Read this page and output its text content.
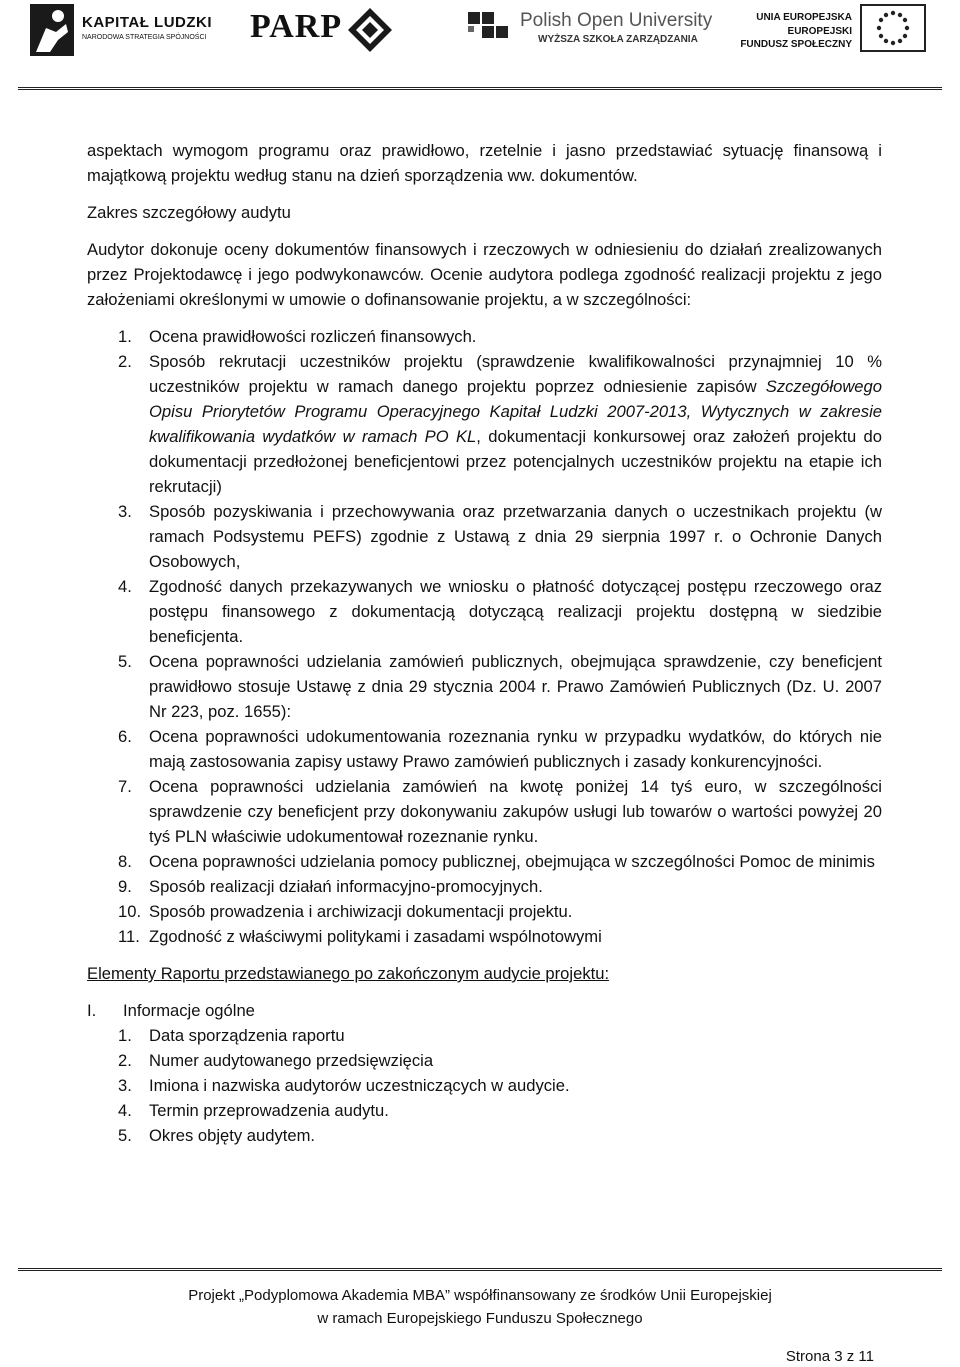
KAPITAŁ LUDZKI
NARODOWA STRATEGIA SPÓJNOŚCI PARP	Polish Open University
WYŻSZA SZKOŁA ZARZĄDZANIA
UNIA EUROPEJSKA
EUROPEJSKI
FUNDUSZ SPOŁECZNY

aspektach wymogom programu oraz prawidłowo, rzetelnie i jasno przedstawiać sytuację finansową i majątkową projektu według stanu na dzień sporządzenia ww. dokumentów.

Zakres szczegółowy audytu

Audytor dokonuje oceny dokumentów finansowych i rzeczowych w odniesieniu do działań zrealizowanych przez Projektodawcę i jego podwykonawców. Ocenie audytora podlega zgodność realizacji projektu z jego założeniami określonymi w umowie o dofinansowanie projektu, a w szczególności:

1. Ocena prawidłowości rozliczeń finansowych.
2. Sposób rekrutacji uczestników projektu (sprawdzenie kwalifikowalności przynajmniej 10 % uczestników projektu w ramach danego projektu poprzez odniesienie zapisów Szczegółowego Opisu Priorytetów Programu Operacyjnego Kapitał Ludzki 2007-2013, Wytycznych w zakresie kwalifikowania wydatków w ramach PO KL, dokumentacji konkursowej oraz założeń projektu do dokumentacji przedłożonej beneficjentowi przez potencjalnych uczestników projektu na etapie ich rekrutacji)
3. Sposób pozyskiwania i przechowywania oraz przetwarzania danych o uczestnikach projektu (w ramach Podsystemu PEFS) zgodnie z Ustawą z dnia 29 sierpnia 1997 r. o Ochronie Danych Osobowych,
4. Zgodność danych przekazywanych we wniosku o płatność dotyczącej postępu rzeczowego oraz postępu finansowego z dokumentacją dotyczącą realizacji projektu dostępną w siedzibie beneficjenta.
5. Ocena poprawności udzielania zamówień publicznych, obejmująca sprawdzenie, czy beneficjent prawidłowo stosuje Ustawę z dnia 29 stycznia 2004 r. Prawo Zamówień Publicznych (Dz. U. 2007 Nr 223, poz. 1655):
6. Ocena poprawności udokumentowania rozeznania rynku w przypadku wydatków, do których nie mają zastosowania zapisy ustawy Prawo zamówień publicznych i zasady konkurencyjności.
7. Ocena poprawności udzielania zamówień na kwotę poniżej 14 tyś euro, w szczególności sprawdzenie czy beneficjent przy dokonywaniu zakupów usługi lub towarów o wartości powyżej 20 tyś PLN właściwie udokumentował rozeznanie rynku.
8. Ocena poprawności udzielania pomocy publicznej, obejmująca w szczególności Pomoc de minimis
9. Sposób realizacji działań informacyjno-promocyjnych.
10. Sposób prowadzenia i archiwizacji dokumentacji projektu.
11. Zgodność z właściwymi politykami i zasadami wspólnotowymi

Elementy Raportu przedstawianego po zakończonym audycie projektu:

I. Informacje ogólne
1. Data sporządzenia raportu
2. Numer audytowanego przedsięwzięcia
3. Imiona i nazwiska audytorów uczestniczących w audycie.
4. Termin przeprowadzenia audytu.
5. Okres objęty audytem.
Projekt „Podyplomowa Akademia MBA” współfinansowany ze środków Unii Europejskiej
w ramach Europejskiego Funduszu Społecznego
Strona 3 z 11
